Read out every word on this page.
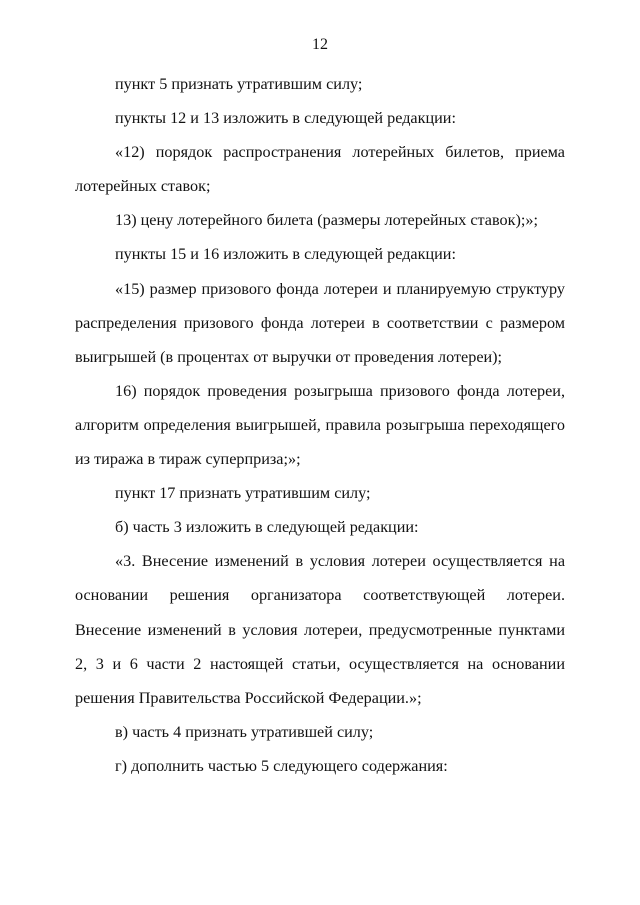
12

пункт 5 признать утратившим силу;

пункты 12 и 13 изложить в следующей редакции:

«12) порядок распространения лотерейных билетов, приема лотерейных ставок;

13) цену лотерейного билета (размеры лотерейных ставок);»;

пункты 15 и 16 изложить в следующей редакции:

«15) размер призового фонда лотереи и планируемую структуру распределения призового фонда лотереи в соответствии с размером выигрышей (в процентах от выручки от проведения лотереи);

16) порядок проведения розыгрыша призового фонда лотереи, алгоритм определения выигрышей, правила розыгрыша переходящего из тиража в тираж суперприза;»;

пункт 17 признать утратившим силу;

б) часть 3 изложить в следующей редакции:

«3. Внесение изменений в условия лотереи осуществляется на основании решения организатора соответствующей лотереи. Внесение изменений в условия лотереи, предусмотренные пунктами 2, 3 и 6 части 2 настоящей статьи, осуществляется на основании решения Правительства Российской Федерации.»;

в) часть 4 признать утратившей силу;

г) дополнить частью 5 следующего содержания:
